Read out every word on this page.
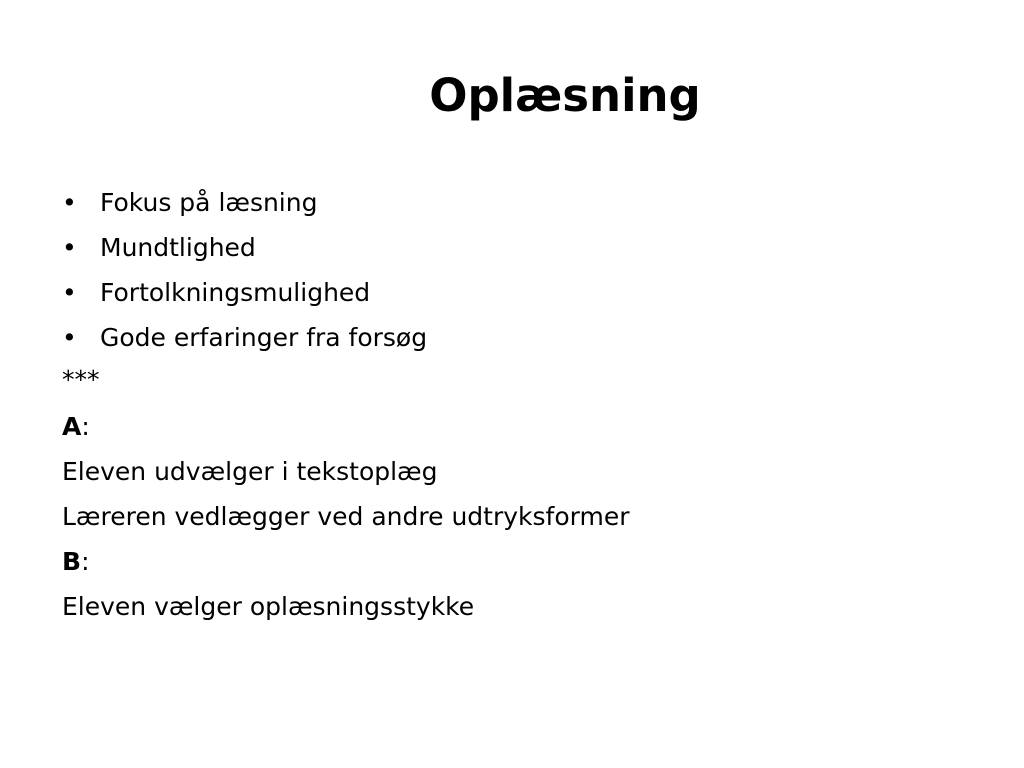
Oplæsning
• Fokus på læsning
• Mundtlighed
• Fortolkningsmulighed
• Gode erfaringer fra forsøg
***
A:
Eleven udvælger i tekstoplæg
Læreren vedlægger ved andre udtryksformer
B:
Eleven vælger oplæsningsstykke
